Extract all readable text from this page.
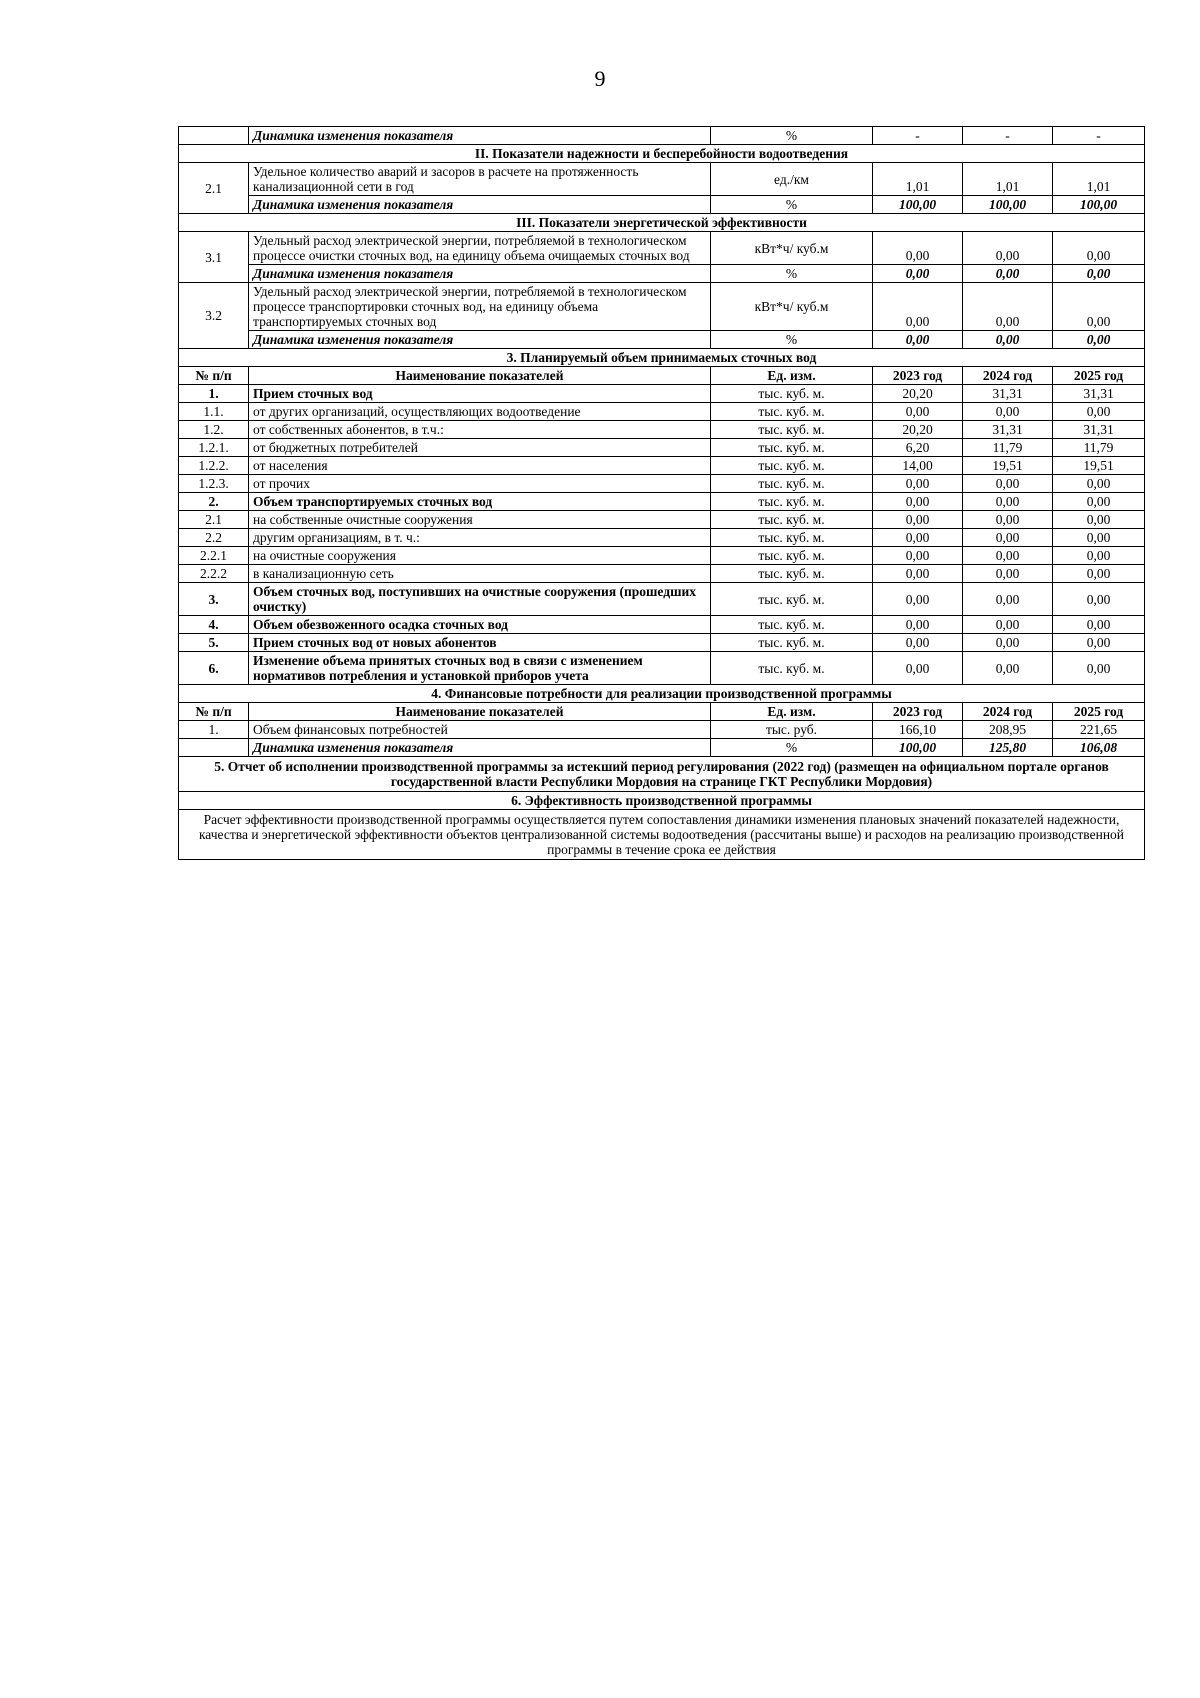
9
	Динамика изменения показателя	%	-	-	-
II. Показатели надежности и бесперебойности водоотведения					
2.1	Удельное количество аварий и засоров в расчете на протяженность канализационной сети в год	ед./км	1,01	1,01	1,01
	Динамика изменения показателя	%	100,00	100,00	100,00
III. Показатели энергетической эффективности					
3.1	Удельный расход электрической энергии, потребляемой в технологическом процессе очистки сточных вод, на единицу объема очищаемых сточных вод	кВт*ч/ куб.м	0,00	0,00	0,00
	Динамика изменения показателя	%	0,00	0,00	0,00
3.2	Удельный расход электрической энергии, потребляемой в технологическом процессе транспортировки сточных вод, на единицу объема транспортируемых сточных вод	кВт*ч/ куб.м	0,00	0,00	0,00
	Динамика изменения показателя	%	0,00	0,00	0,00
3. Планируемый объем принимаемых сточных вод					
№ п/п	Наименование показателей	Ед. изм.	2023 год	2024 год	2025 год
1.	Прием сточных вод	тыс. куб. м.	20,20	31,31	31,31
1.1.	от других организаций, осуществляющих водоотведение	тыс. куб. м.	0,00	0,00	0,00
1.2.	от собственных абонентов, в т.ч.:	тыс. куб. м.	20,20	31,31	31,31
1.2.1.	от бюджетных потребителей	тыс. куб. м.	6,20	11,79	11,79
1.2.2.	от населения	тыс. куб. м.	14,00	19,51	19,51
1.2.3.	от прочих	тыс. куб. м.	0,00	0,00	0,00
2.	Объем транспортируемых сточных вод	тыс. куб. м.	0,00	0,00	0,00
2.1	на собственные очистные сооружения	тыс. куб. м.	0,00	0,00	0,00
2.2	другим организациям, в т. ч.:	тыс. куб. м.	0,00	0,00	0,00
2.2.1	на очистные сооружения	тыс. куб. м.	0,00	0,00	0,00
2.2.2	в канализационную сеть	тыс. куб. м.	0,00	0,00	0,00
3.	Объем сточных вод, поступивших на очистные сооружения (прошедших очистку)	тыс. куб. м.	0,00	0,00	0,00
4.	Объем обезвоженного осадка сточных вод	тыс. куб. м.	0,00	0,00	0,00
5.	Прием сточных вод от новых абонентов	тыс. куб. м.	0,00	0,00	0,00
6.	Изменение объема принятых сточных вод в связи с изменением нормативов потребления и установкой приборов учета	тыс. куб. м.	0,00	0,00	0,00
4. Финансовые потребности для реализации производственной программы					
№ п/п	Наименование показателей	Ед. изм.	2023 год	2024 год	2025 год
1.	Объем финансовых потребностей	тыс. руб.	166,10	208,95	221,65
	Динамика изменения показателя	%	100,00	125,80	106,08
5. Отчет об исполнении производственной программы за истекший период регулирования (2022 год) (размещен на официальном портале органов государственной власти Республики Мордовия на странице ГКТ Республики Мордовия)					
6. Эффективность производственной программы					
Расчет эффективности производственной программы осуществляется путем сопоставления динамики изменения плановых значений показателей надежности, качества и энергетической эффективности объектов централизованной системы водоотведения (рассчитаны выше) и расходов на реализацию производственной программы в течение срока ее действия					
